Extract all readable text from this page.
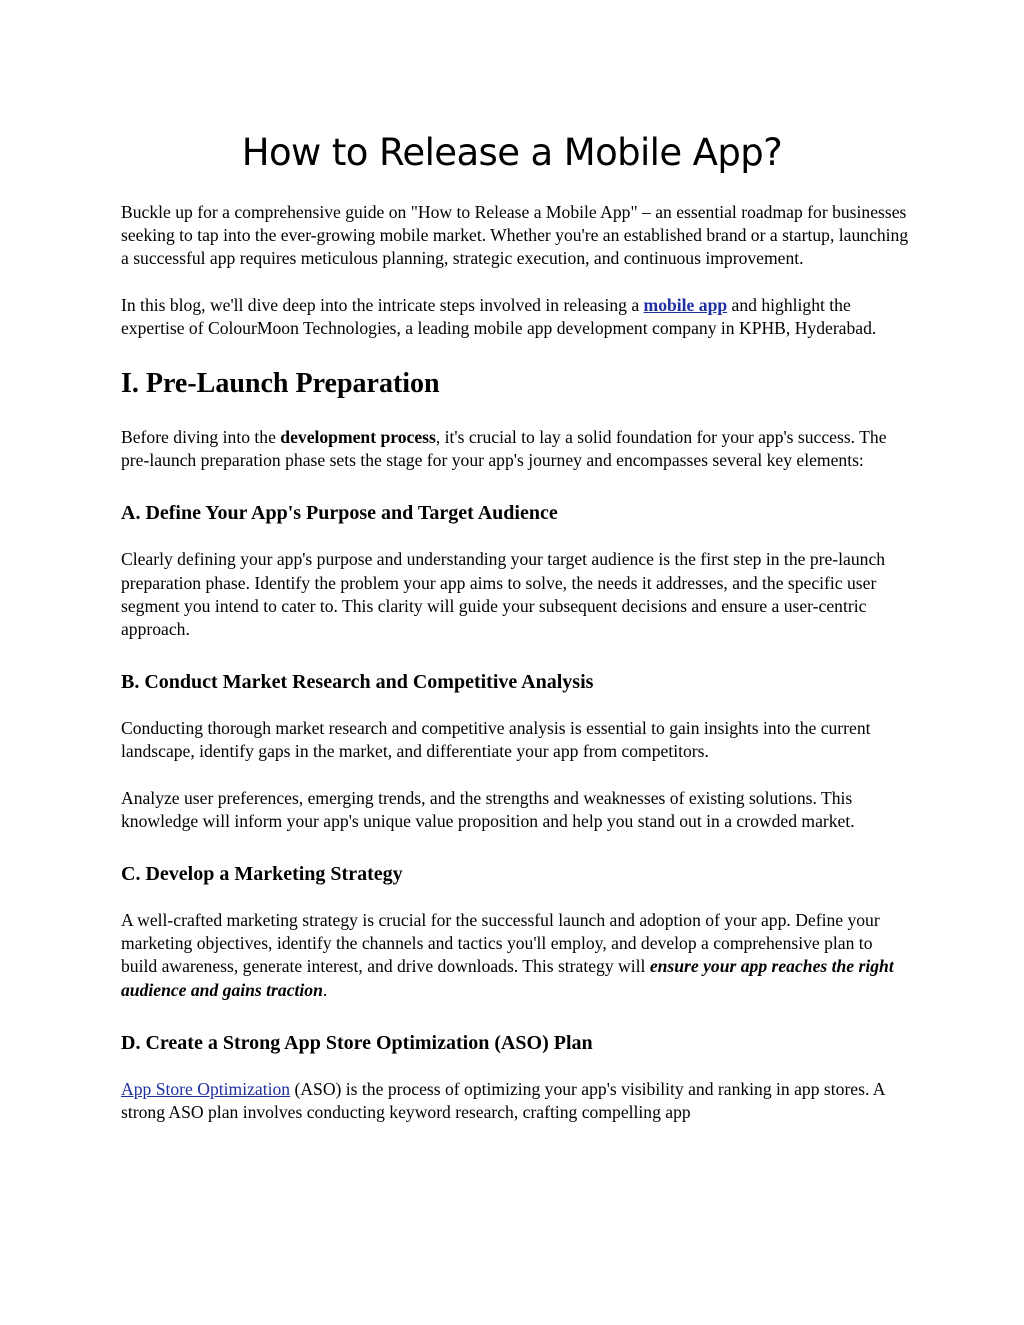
How to Release a Mobile App?

Buckle up for a comprehensive guide on "How to Release a Mobile App" – an essential roadmap for businesses seeking to tap into the ever-growing mobile market. Whether you're an established brand or a startup, launching a successful app requires meticulous planning, strategic execution, and continuous improvement.

In this blog, we'll dive deep into the intricate steps involved in releasing a mobile app and highlight the expertise of ColourMoon Technologies, a leading mobile app development company in KPHB, Hyderabad.

I. Pre-Launch Preparation

Before diving into the development process, it's crucial to lay a solid foundation for your app's success. The pre-launch preparation phase sets the stage for your app's journey and encompasses several key elements:

A. Define Your App's Purpose and Target Audience

Clearly defining your app's purpose and understanding your target audience is the first step in the pre-launch preparation phase. Identify the problem your app aims to solve, the needs it addresses, and the specific user segment you intend to cater to. This clarity will guide your subsequent decisions and ensure a user-centric approach.

B. Conduct Market Research and Competitive Analysis

Conducting thorough market research and competitive analysis is essential to gain insights into the current landscape, identify gaps in the market, and differentiate your app from competitors.

Analyze user preferences, emerging trends, and the strengths and weaknesses of existing solutions. This knowledge will inform your app's unique value proposition and help you stand out in a crowded market.

C. Develop a Marketing Strategy

A well-crafted marketing strategy is crucial for the successful launch and adoption of your app. Define your marketing objectives, identify the channels and tactics you'll employ, and develop a comprehensive plan to build awareness, generate interest, and drive downloads. This strategy will ensure your app reaches the right audience and gains traction.

D. Create a Strong App Store Optimization (ASO) Plan

App Store Optimization (ASO) is the process of optimizing your app's visibility and ranking in app stores. A strong ASO plan involves conducting keyword research, crafting compelling app
